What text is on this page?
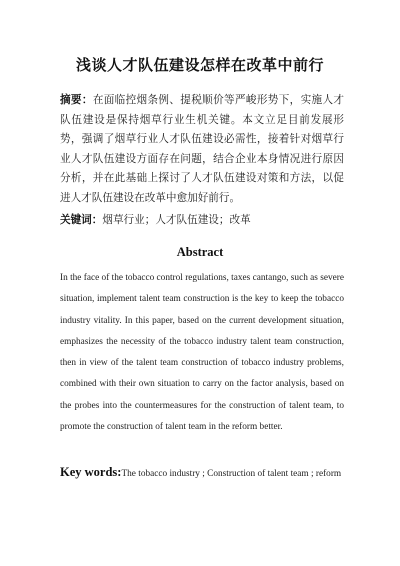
浅谈人才队伍建设怎样在改革中前行
摘要：在面临控烟条例、提税顺价等严峻形势下，实施人才队伍建设是保持烟草行业生机关键。本文立足目前发展形势，强调了烟草行业人才队伍建设必需性，接着针对烟草行业人才队伍建设方面存在问题，结合企业本身情况进行原因分析，并在此基础上探讨了人才队伍建设对策和方法，以促进人才队伍建设在改革中愈加好前行。
关键词：烟草行业；人才队伍建设；改革
Abstract
In the face of the tobacco control regulations, taxes cantango, such as severe situation, implement talent team construction is the key to keep the tobacco industry vitality. In this paper, based on the current development situation, emphasizes the necessity of the tobacco industry talent team construction, then in view of the talent team construction of tobacco industry problems, combined with their own situation to carry on the factor analysis, based on the probes into the countermeasures for the construction of talent team, to promote the construction of talent team in the reform better.
Key words:The tobacco industry ; Construction of talent team ; reform
